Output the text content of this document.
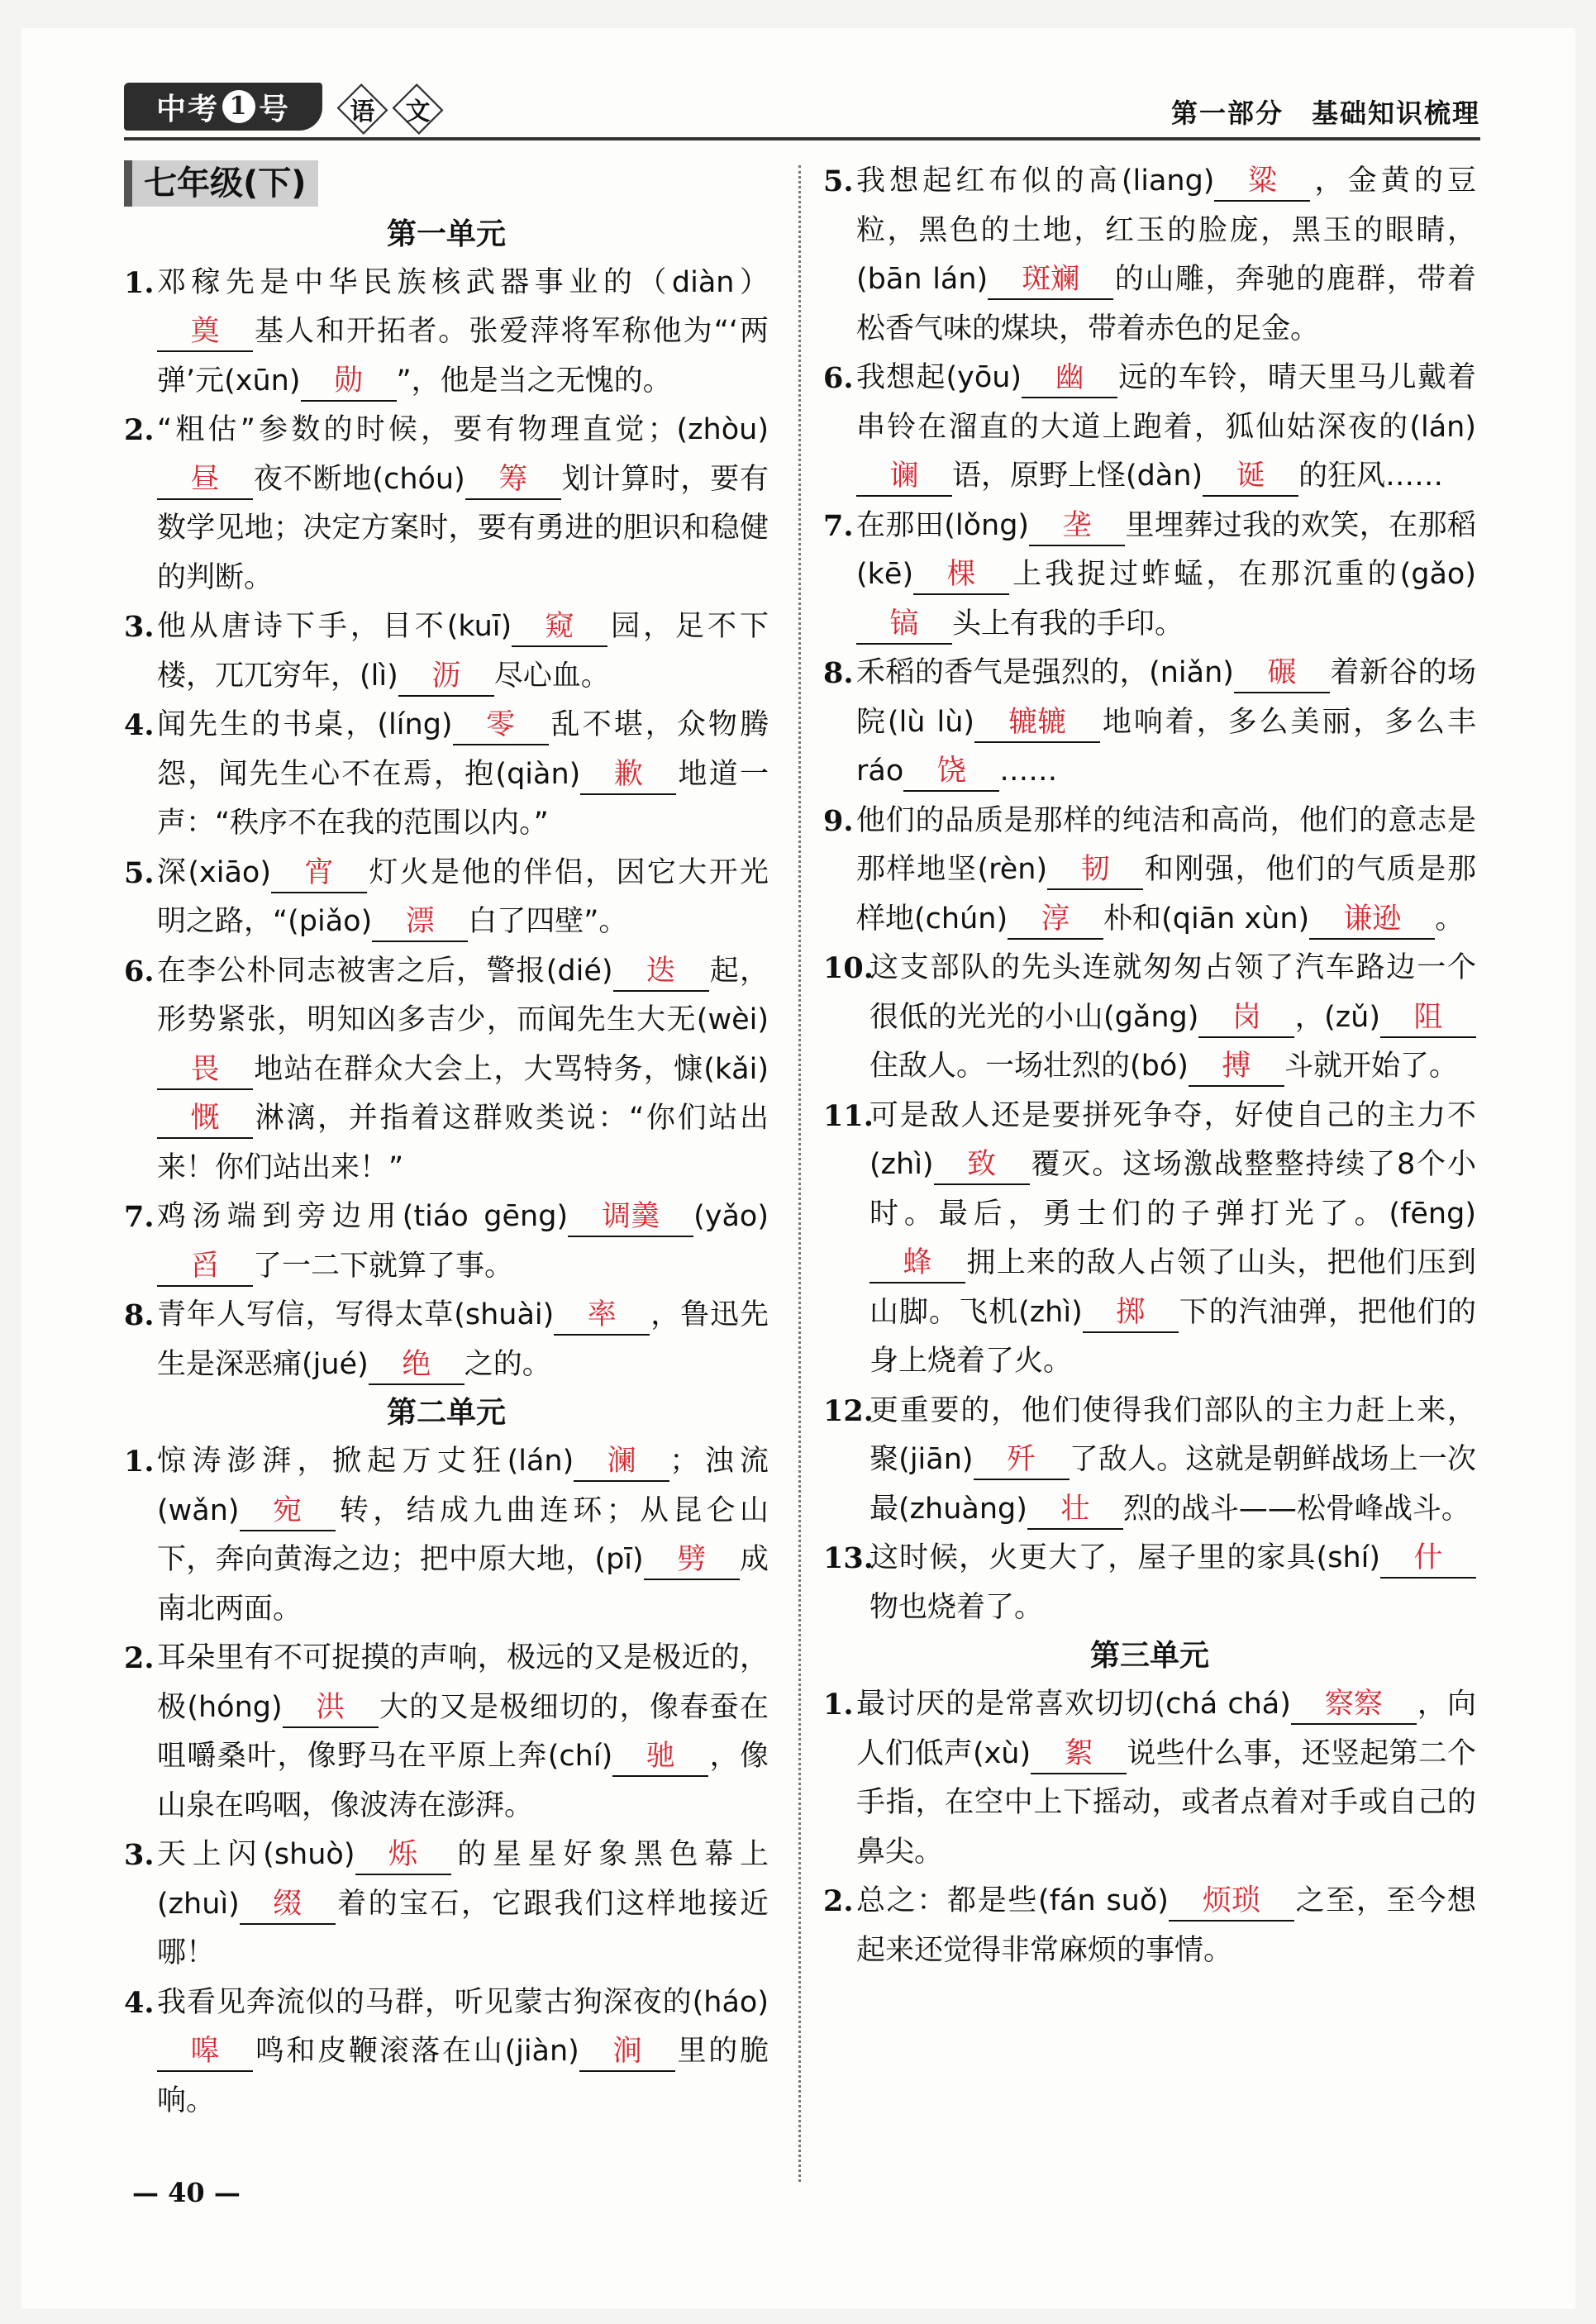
中考 1 号 语 文	第一部分　基础知识梳理
七年级(下)
第一单元
1. 邓稼先是中华民族核武器事业的（diàn）奠 基人和开拓者。张爱萍将军称他为“‘两弹’元(xūn) 勋 ”，他是当之无愧的。
2. “粗估”参数的时候，要有物理直觉；(zhòu)昼 夜不断地(chóu) 筹 划计算时，要有数学见地；决定方案时，要有勇进的胆识和稳健的判断。
3. 他从唐诗下手，目不(kuī) 窥 园，足不下楼，兀兀穷年，(lì) 沥 尽心血。
4. 闻先生的书桌，(líng) 零 乱不堪，众物腾怨，闻先生心不在焉，抱(qiàn) 歉 地道一声：“秩序不在我的范围以内。”
5. 深(xiāo) 宵 灯火是他的伴侣，因它大开光明之路，“(piǎo) 漂 白了四壁”。
6. 在李公朴同志被害之后，警报(dié) 迭 起，形势紧张，明知凶多吉少，而闻先生大无(wèi)畏 地站在群众大会上，大骂特务，慷(kǎi)慨 淋漓，并指着这群败类说：“你们站出来！你们站出来！”
7. 鸡汤端到旁边用(tiáo gēng) 调羹 (yǎo)舀 了一二下就算了事。
8. 青年人写信，写得太草(shuài) 率 ，鲁迅先生是深恶痛(jué) 绝 之的。
第二单元
1. 惊涛澎湃，掀起万丈狂(lán) 澜 ；浊流(wǎn) 宛 转，结成九曲连环；从昆仑山下，奔向黄海之边；把中原大地，(pī) 劈 成南北两面。
2. 耳朵里有不可捉摸的声响，极远的又是极近的，极(hóng) 洪 大的又是极细切的，像春蚕在咀嚼桑叶，像野马在平原上奔(chí) 驰 ，像山泉在呜咽，像波涛在澎湃。
3. 天上闪(shuò) 烁 的星星好象黑色幕上(zhuì) 缀 着的宝石，它跟我们这样地接近哪！
4. 我看见奔流似的马群，听见蒙古狗深夜的(háo)嗥 鸣和皮鞭滚落在山(jiàn) 涧 里的脆响。
5. 我想起红布似的高(liang) 粱 ，金黄的豆粒，黑色的土地，红玉的脸庞，黑玉的眼睛，(bān lán) 斑斓 的山雕，奔驰的鹿群，带着松香气味的煤块，带着赤色的足金。
6. 我想起(yōu) 幽 远的车铃，晴天里马儿戴着串铃在溜直的大道上跑着，狐仙姑深夜的(lán)谰 语，原野上怪(dàn) 诞 的狂风……
7. 在那田(lǒng) 垄 里埋葬过我的欢笑，在那稻(kē) 棵 上我捉过蚱蜢，在那沉重的(gǎo)镐 头上有我的手印。
8. 禾稻的香气是强烈的，(niǎn) 碾 着新谷的场院(lù lù) 辘辘 地响着，多么美丽，多么丰 ráo 饶 ……
9. 他们的品质是那样的纯洁和高尚，他们的意志是那样地坚(rèn) 韧 和刚强，他们的气质是那样地(chún) 淳 朴和(qiān xùn) 谦逊 。
10.
这支部队的先头连就匆匆占领了汽车路边一个很低的光光的小山(gǎng) 岗 ，(zǔ) 阻住敌人。一场壮烈的(bó) 搏 斗就开始了。
11.
可是敌人还是要拼死争夺，好使自己的主力不(zhì) 致 覆灭。这场激战整整持续了8个小时。最后，勇士们的子弹打光了。(fēng)蜂 拥上来的敌人占领了山头，把他们压到山脚。飞机(zhì) 掷 下的汽油弹，把他们的身上烧着了火。
12.
更重要的，他们使得我们部队的主力赶上来，聚(jiān) 歼 了敌人。这就是朝鲜战场上一次最(zhuàng) 壮 烈的战斗——松骨峰战斗。
13.
这时候，火更大了，屋子里的家具(shí) 什物也烧着了。
第三单元
1. 最讨厌的是常喜欢切切(chá chá) 察察 ，向人们低声(xù) 絮 说些什么事，还竖起第二个手指，在空中上下摇动，或者点着对手或自己的鼻尖。
2. 总之：都是些(fán suǒ) 烦琐 之至，至今想起来还觉得非常麻烦的事情。
— 40 —
